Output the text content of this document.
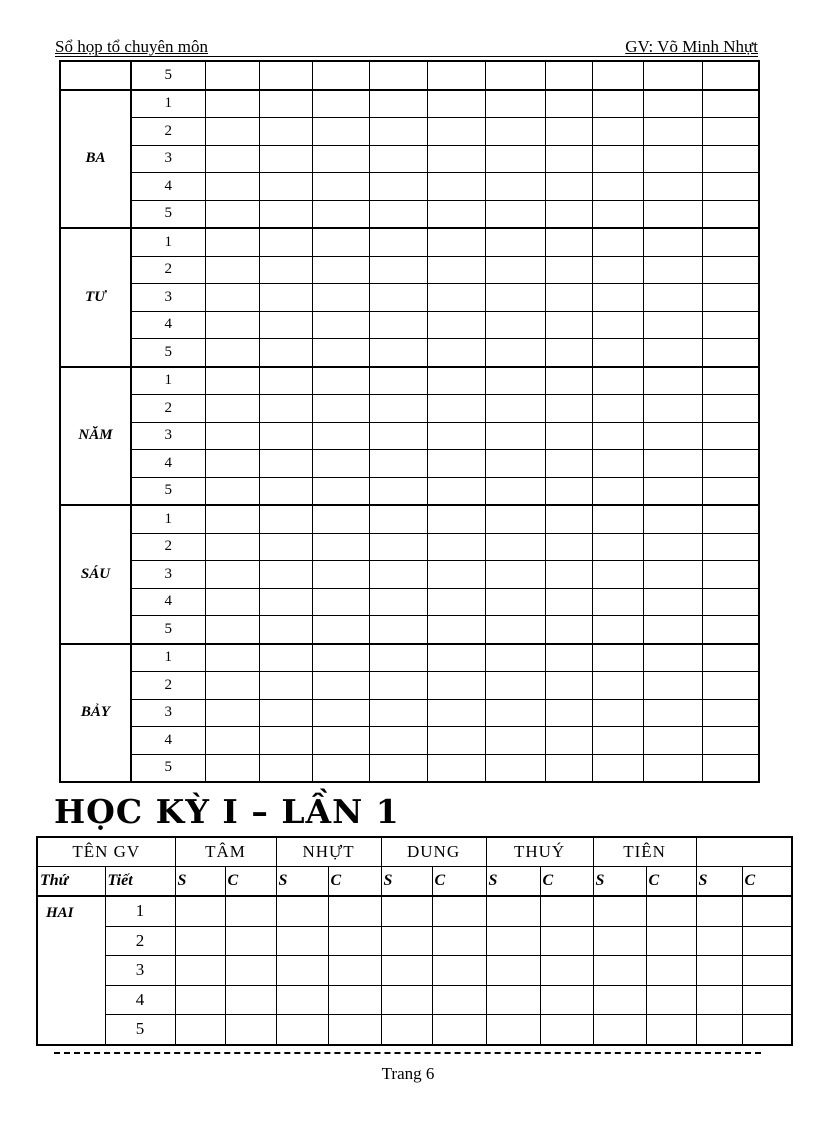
Sổ họp tổ chuyên môn	GV: Võ Minh Nhựt
	5										
BA	1										
	2										
	3										
	4										
	5										
TƯ	1										
	2										
	3										
	4										
	5										
NĂM	1										
	2										
	3										
	4										
	5										
SÁU	1										
	2										
	3										
	4										
	5										
BẢY	1										
	2										
	3										
	4										
	5										
HỌC KỲ I – LẦN 1
TÊN GV		TÂM		NHỰT		DUNG		THUÝ		TIÊN			
Thứ	Tiết	S	C	S	C	S	C	S	C	S	C	S	C
HAI	1												
	2												
	3												
	4												
	5												
Trang 6
